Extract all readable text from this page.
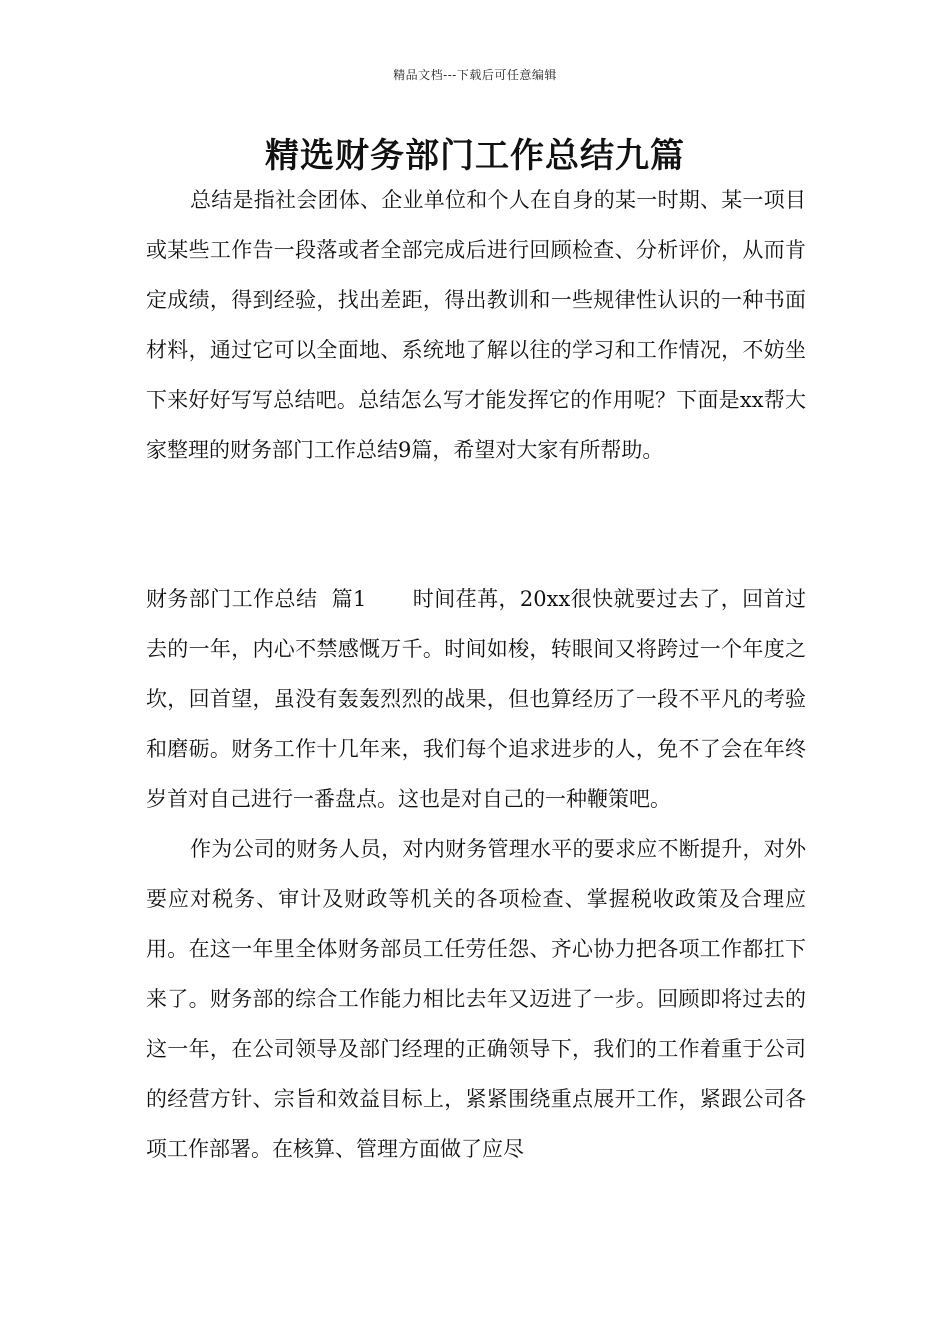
精品文档---下载后可任意编辑
精选财务部门工作总结九篇

总结是指社会团体、企业单位和个人在自身的某一时期、某一项目或某些工作告一段落或者全部完成后进行回顾检查、分析评价，从而肯定成绩，得到经验，找出差距，得出教训和一些规律性认识的一种书面材料，通过它可以全面地、系统地了解以往的学习和工作情况，不妨坐下来好好写写总结吧。总结怎么写才能发挥它的作用呢？下面是xx帮大家整理的财务部门工作总结9篇，希望对大家有所帮助。

财务部门工作总结  篇1 时间荏苒，20xx很快就要过去了，回首过去的一年，内心不禁感慨万千。时间如梭，转眼间又将跨过一个年度之坎，回首望，虽没有轰轰烈烈的战果，但也算经历了一段不平凡的考验和磨砺。财务工作十几年来，我们每个追求进步的人，免不了会在年终岁首对自己进行一番盘点。这也是对自己的一种鞭策吧。

作为公司的财务人员，对内财务管理水平的要求应不断提升，对外要应对税务、审计及财政等机关的各项检查、掌握税收政策及合理应用。在这一年里全体财务部员工任劳任怨、齐心协力把各项工作都扛下来了。财务部的综合工作能力相比去年又迈进了一步。回顾即将过去的这一年，在公司领导及部门经理的正确领导下，我们的工作着重于公司的经营方针、宗旨和效益目标上，紧紧围绕重点展开工作，紧跟公司各项工作部署。在核算、管理方面做了应尽
